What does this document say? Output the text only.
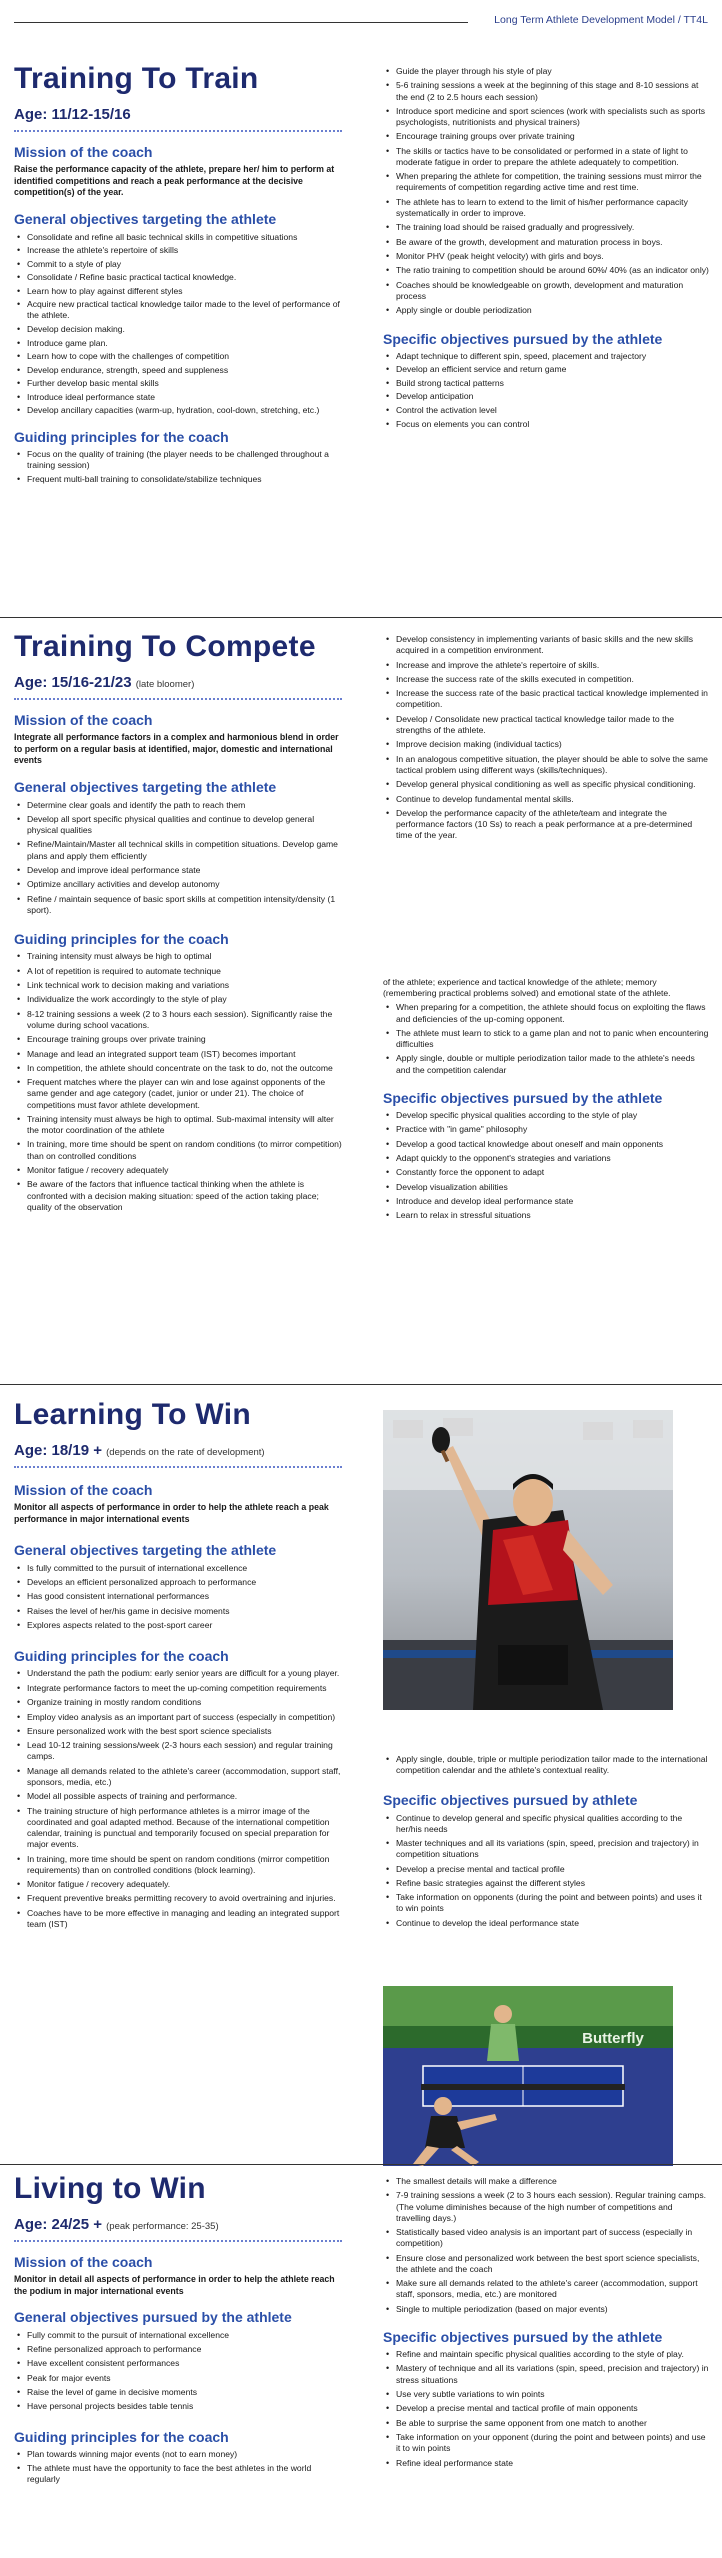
Long Term Athlete Development Model / TT4L
Training To Train
Age: 11/12-15/16
Mission of the coach

Raise the performance capacity of the athlete, prepare her/ him to perform at identified competitions and reach a peak performance at the decisive competition(s) of the year.

General objectives targeting the athlete
• Consolidate and refine all basic technical skills in competitive situations
• Increase the athlete's repertoire of skills
• Commit to a style of play
• Consolidate / Refine basic practical tactical knowledge.
• Learn how to play against different styles
• Acquire new practical tactical knowledge tailor made to the level of performance of the athlete.
• Develop decision making.
• Introduce game plan.
• Learn how to cope with the challenges of competition
• Develop endurance, strength, speed and suppleness
• Further develop basic mental skills
• Introduce ideal performance state
• Develop ancillary capacities (warm-up, hydration, cool-down, stretching, etc.)
Guiding principles for the coach
• Focus on the quality of training (the player needs to be challenged throughout a training session)
• Frequent multi-ball training to consolidate/stabilize techniques
• Guide the player through his style of play
• 5-6 training sessions a week at the beginning of this stage and 8-10 sessions at the end (2 to 2.5 hours each session)
• Introduce sport medicine and sport sciences (work with specialists such as sports psychologists, nutritionists and physical trainers)
• Encourage training groups over private training
• The skills or tactics have to be consolidated or performed in a state of light to moderate fatigue in order to prepare the athlete adequately to competition.
• When preparing the athlete for competition, the training sessions must mirror the requirements of competition regarding active time and rest time.
• The athlete has to learn to extend to the limit of his/her performance capacity systematically in order to improve.
• The training load should be raised gradually and progressively.
• Be aware of the growth, development and maturation process in boys.
• Monitor PHV (peak height velocity) with girls and boys.
• The ratio training to competition should be around 60%/ 40% (as an indicator only)
• Coaches should be knowledgeable on growth, development and maturation process
• Apply single or double periodization
Specific objectives pursued by the athlete
• Adapt technique to different spin, speed, placement and trajectory
• Develop an efficient service and return game
• Build strong tactical patterns
• Develop anticipation
• Control the activation level
• Focus on elements you can control
Training To Compete
Age: 15/16-21/23 (late bloomer)
Mission of the coach

Integrate all performance factors in a complex and harmonious blend in order to perform on a regular basis at identified, major, domestic and international events

General objectives targeting the athlete
• Determine clear goals and identify the path to reach them
• Develop all sport specific physical qualities and continue to develop general physical qualities
• Refine/Maintain/Master all technical skills in competition situations. Develop game plans and apply them efficiently
• Develop and improve ideal performance state
• Optimize ancillary activities and develop autonomy
• Refine / maintain sequence of basic sport skills at competition intensity/density (1 sport).
Guiding principles for the coach
• Training intensity must always be high to optimal
• A lot of repetition is required to automate technique
• Link technical work to decision making and variations
• Individualize the work accordingly to the style of play
• 8-12 training sessions a week (2 to 3 hours each session). Significantly raise the volume during school vacations.
• Encourage training groups over private training
• Manage and lead an integrated support team (IST) becomes important
• In competition, the athlete should concentrate on the task to do, not the outcome
• Frequent matches where the player can win and lose against opponents of the same gender and age category (cadet, junior or under 21). The choice of competitions must favor athlete development.
• Training intensity must always be high to optimal. Sub-maximal intensity will alter the motor coordination of the athlete
• In training, more time should be spent on random conditions (to mirror competition) than on controlled conditions
• Monitor fatigue / recovery adequately
• Be aware of the factors that influence tactical thinking when the athlete is confronted with a decision making situation: speed of the action taking place; quality of the observation
• Develop consistency in implementing variants of basic skills and the new skills acquired in a competition environment.
• Increase and improve the athlete's repertoire of skills.
• Increase the success rate of the skills executed in competition.
• Increase the success rate of the basic practical tactical knowledge implemented in competition.
• Develop / Consolidate new practical tactical knowledge tailor made to the strengths of the athlete.
• Improve decision making (individual tactics)
• In an analogous competitive situation, the player should be able to solve the same tactical problem using different ways (skills/techniques).
• Develop general physical conditioning as well as specific physical conditioning.
• Continue to develop fundamental mental skills.
• Develop the performance capacity of the athlete/team and integrate the performance factors (10 Ss) to reach a peak performance at a pre-determined time of the year.

of the athlete; experience and tactical knowledge of the athlete; memory (remembering practical problems solved) and emotional state of the athlete.

• When preparing for a competition, the athlete should focus on exploiting the flaws and deficiencies of the up-coming opponent.
• The athlete must learn to stick to a game plan and not to panic when encountering difficulties
• Apply single, double or multiple periodization tailor made to the athlete's needs and the competition calendar
Specific objectives pursued by the athlete
• Develop specific physical qualities according to the style of play
• Practice with "in game" philosophy
• Develop a good tactical knowledge about oneself and main opponents
• Adapt quickly to the opponent's strategies and variations
• Constantly force the opponent to adapt
• Develop visualization abilities
• Introduce and develop ideal performance state
• Learn to relax in stressful situations
Learning To Win
Age: 18/19 + (depends on the rate of development)
Mission of the coach

Monitor all aspects of performance in order to help the athlete reach a peak performance in major international events

General objectives targeting the athlete
• Is fully committed to the pursuit of international excellence
• Develops an efficient personalized approach to performance
• Has good consistent international performances
• Raises the level of her/his game in decisive moments
• Explores aspects related to the post-sport career
Guiding principles for the coach
• Understand the path the podium: early senior years are difficult for a young player.
• Integrate performance factors to meet the up-coming competition requirements
• Organize training in mostly random conditions
• Employ video analysis as an important part of success (especially in competition)
• Ensure personalized work with the best sport science specialists
• Lead 10-12 training sessions/week (2-3 hours each session) and regular training camps.
• Manage all demands related to the athlete's career (accommodation, support staff, sponsors, media, etc.)
• Model all possible aspects of training and performance.
• The training structure of high performance athletes is a mirror image of the coordinated and goal adapted method. Because of the international competition calendar, training is punctual and temporarily focused on special preparation for major events.
• In training, more time should be spent on random conditions (mirror competition requirements) than on controlled conditions (block learning).
• Monitor fatigue / recovery adequately.
• Frequent preventive breaks permitting recovery to avoid overtraining and injuries.
• Coaches have to be more effective in managing and leading an integrated support team (IST)
• Apply single, double, triple or multiple periodization tailor made to the international competition calendar and the athlete's contextual reality.
Specific objectives pursued by athlete
• Continue to develop general and specific physical qualities according to the her/his needs
• Master techniques and all its variations (spin, speed, precision and trajectory) in competition situations
• Develop a precise mental and tactical profile
• Refine basic strategies against the different styles
• Take information on opponents (during the point and between points) and uses it to win points
• Continue to develop the ideal performance state
Butterfly
Living to Win
Age: 24/25 + (peak performance: 25-35)
Mission of the coach

Monitor in detail all aspects of performance in order to help the athlete reach the podium in major international events

General objectives pursued by the athlete
• Fully commit to the pursuit of international excellence
• Refine personalized approach to performance
• Have excellent consistent performances
• Peak for major events
• Raise the level of game in decisive moments
• Have personal projects besides table tennis
Guiding principles for the coach
• Plan towards winning major events (not to earn money)
• The athlete must have the opportunity to face the best athletes in the world regularly
• The smallest details will make a difference
• 7-9 training sessions a week (2 to 3 hours each session). Regular training camps. (The volume diminishes because of the high number of competitions and travelling days.)
• Statistically based video analysis is an important part of success (especially in competition)
• Ensure close and personalized work between the best sport science specialists, the athlete and the coach
• Make sure all demands related to the athlete's career (accommodation, support staff, sponsors, media, etc.) are monitored
• Single to multiple periodization (based on major events)
Specific objectives pursued by the athlete
• Refine and maintain specific physical qualities according to the style of play.
• Mastery of technique and all its variations (spin, speed, precision and trajectory) in stress situations
• Use very subtle variations to win points
• Develop a precise mental and tactical profile of main opponents
• Be able to surprise the same opponent from one match to another
• Take information on your opponent (during the point and between points) and use it to win points
• Refine ideal performance state
